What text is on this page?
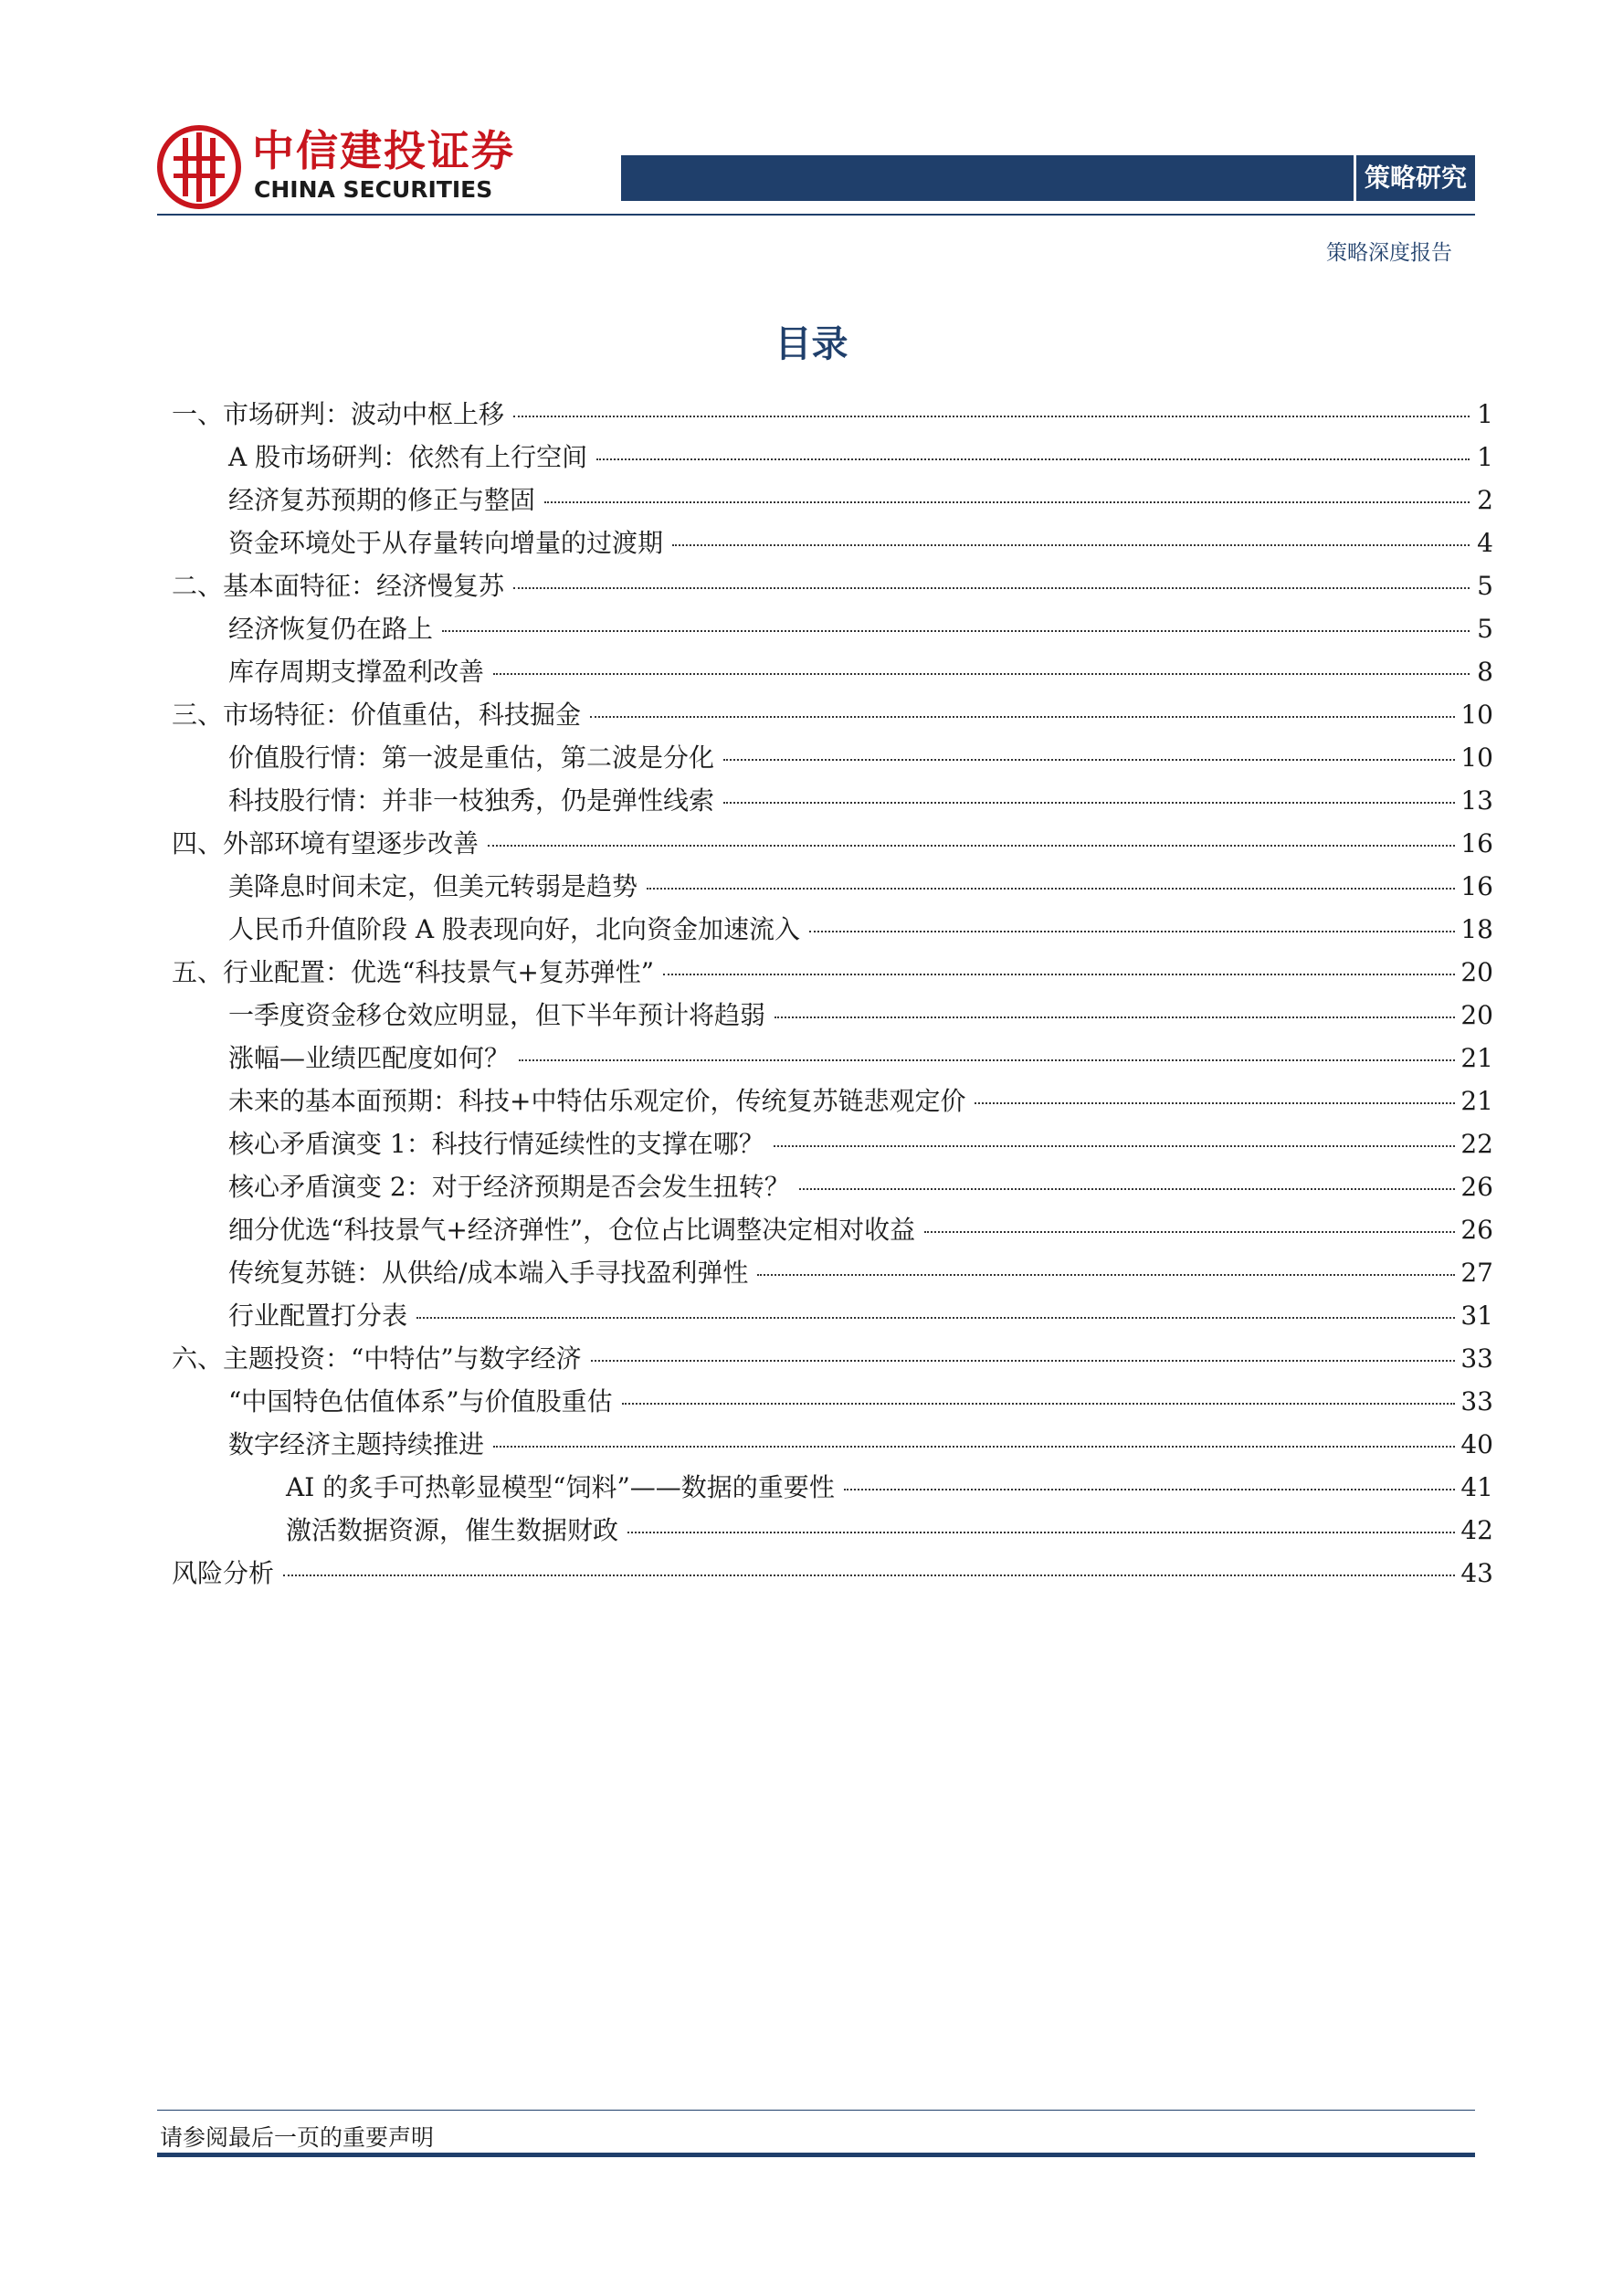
中信建投证券
CHINA SECURITIES	策略研究
策略深度报告
目录
一、市场研判：波动中枢上移	1
A 股市场研判：依然有上行空间	1
经济复苏预期的修正与整固	2
资金环境处于从存量转向增量的过渡期	4
二、基本面特征：经济慢复苏	5
经济恢复仍在路上	5
库存周期支撑盈利改善	8
三、市场特征：价值重估，科技掘金	10
价值股行情：第一波是重估，第二波是分化	10
科技股行情：并非一枝独秀，仍是弹性线索	13
四、外部环境有望逐步改善	16
美降息时间未定，但美元转弱是趋势	16
人民币升值阶段 A 股表现向好，北向资金加速流入	18
五、行业配置：优选“科技景气+复苏弹性”	20
一季度资金移仓效应明显，但下半年预计将趋弱	20
涨幅—业绩匹配度如何？	21
未来的基本面预期：科技+中特估乐观定价，传统复苏链悲观定价	21
核心矛盾演变 1：科技行情延续性的支撑在哪？	22
核心矛盾演变 2：对于经济预期是否会发生扭转？	26
细分优选“科技景气+经济弹性”，仓位占比调整决定相对收益	26
传统复苏链：从供给/成本端入手寻找盈利弹性	27
行业配置打分表	31
六、主题投资：“中特估”与数字经济	33
“中国特色估值体系”与价值股重估	33
数字经济主题持续推进	40
AI 的炙手可热彰显模型“饲料”——数据的重要性	41
激活数据资源，催生数据财政	42
风险分析	43
请参阅最后一页的重要声明
